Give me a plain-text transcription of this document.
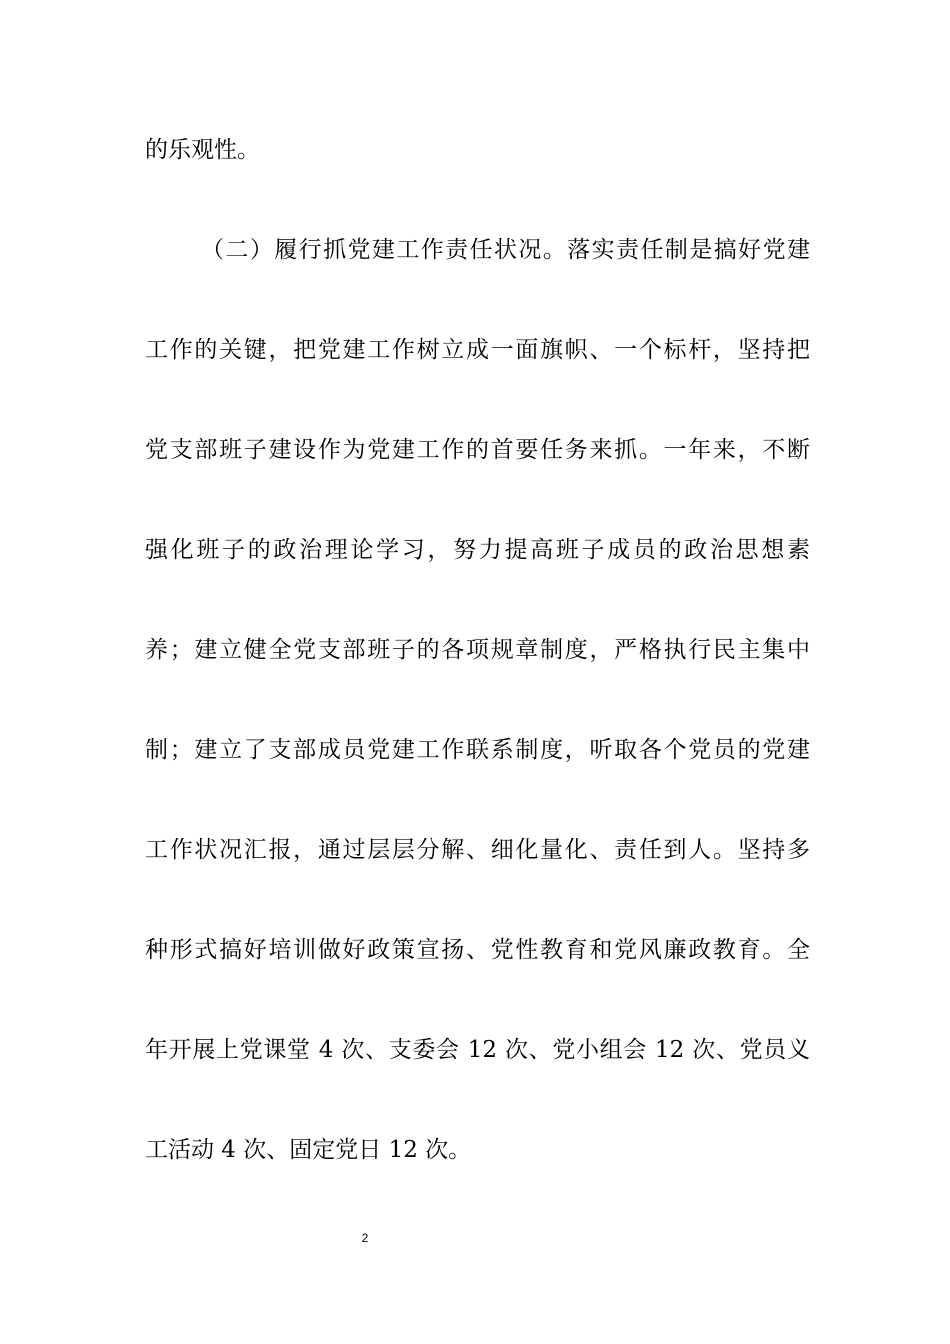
的乐观性。
（二）履行抓党建工作责任状况。落实责任制是搞好党建
工作的关键，把党建工作树立成一面旗帜、一个标杆，坚持把
党支部班子建设作为党建工作的首要任务来抓。一年来，不断
强化班子的政治理论学习，努力提高班子成员的政治思想素
养；建立健全党支部班子的各项规章制度，严格执行民主集中
制；建立了支部成员党建工作联系制度，听取各个党员的党建
工作状况汇报，通过层层分解、细化量化、责任到人。坚持多
种形式搞好培训做好政策宣扬、党性教育和党风廉政教育。全
年开展上党课堂 4 次、支委会 12 次、党小组会 12 次、党员义
工活动 4 次、固定党日 12 次。
2
